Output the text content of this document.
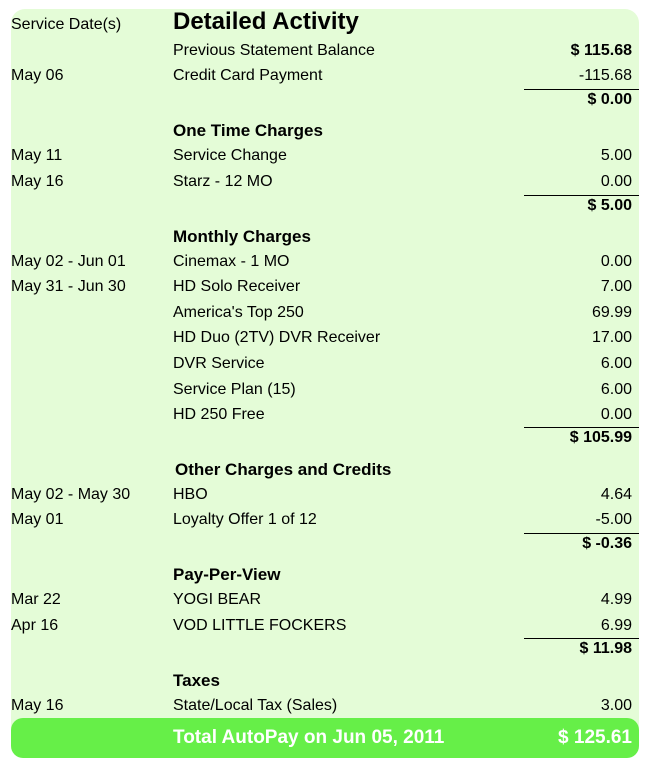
Service Date(s) Detailed Activity
Previous Statement Balance	$ 115.68
May 06	Credit Card Payment	-115.68
$ 0.00
One Time Charges
May 11	Service Change	5.00
May 16	Starz - 12 MO	0.00
$ 5.00
Monthly Charges
May 02 - Jun 01	Cinemax - 1 MO	0.00
May 31 - Jun 30	HD Solo Receiver	7.00
America's Top 250	69.99
HD Duo (2TV) DVR Receiver	17.00
DVR Service	6.00
Service Plan (15)	6.00
HD 250 Free	0.00
$ 105.99
Other Charges and Credits
May 02 - May 30	HBO	4.64
May 01	Loyalty Offer 1 of 12	-5.00
$ -0.36
Pay-Per-View
Mar 22	YOGI BEAR	4.99
Apr 16	VOD LITTLE FOCKERS	6.99
$ 11.98
Taxes
May 16	State/Local Tax (Sales)	3.00
Total AutoPay on Jun 05, 2011	$ 125.61
